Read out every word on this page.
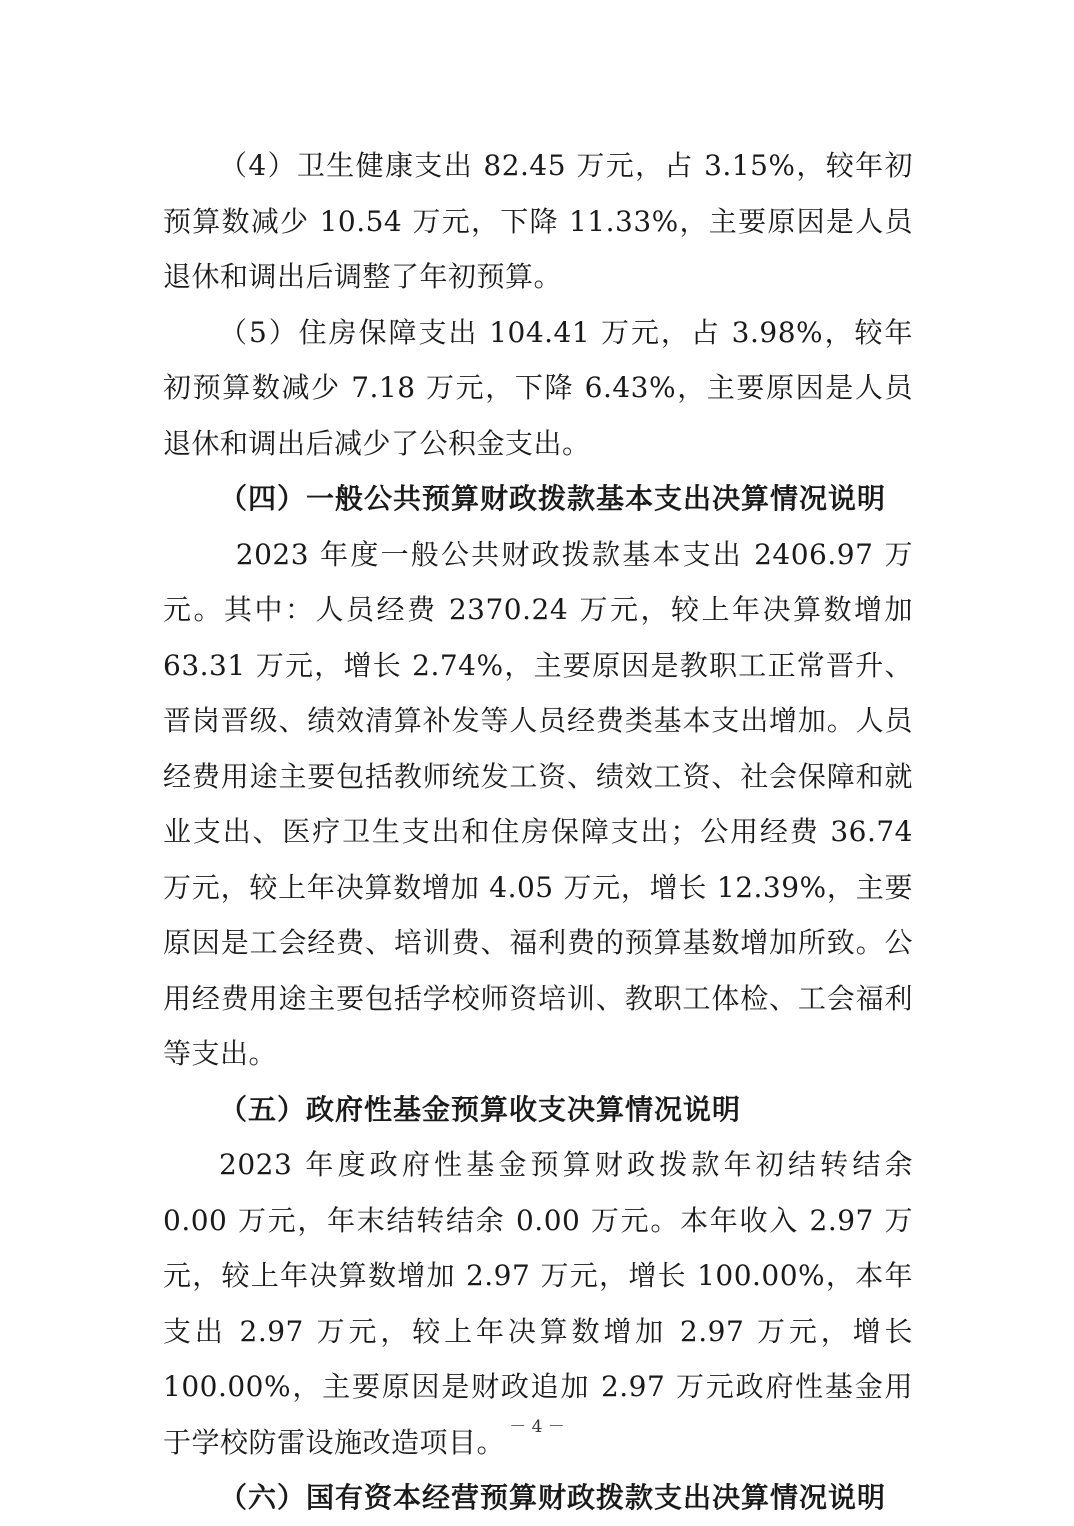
（4）卫生健康支出 82.45 万元，占 3.15%，较年初预算数减少 10.54 万元，下降 11.33%，主要原因是人员退休和调出后调整了年初预算。

（5）住房保障支出 104.41 万元，占 3.98%，较年初预算数减少 7.18 万元，下降 6.43%，主要原因是人员退休和调出后减少了公积金支出。

（四）一般公共预算财政拨款基本支出决算情况说明

2023 年度一般公共财政拨款基本支出 2406.97 万元。其中：人员经费 2370.24 万元，较上年决算数增加 63.31 万元，增长 2.74%，主要原因是教职工正常晋升、晋岗晋级、绩效清算补发等人员经费类基本支出增加。人员经费用途主要包括教师统发工资、绩效工资、社会保障和就业支出、医疗卫生支出和住房保障支出；公用经费 36.74 万元，较上年决算数增加 4.05 万元，增长 12.39%，主要原因是工会经费、培训费、福利费的预算基数增加所致。公用经费用途主要包括学校师资培训、教职工体检、工会福利等支出。

（五）政府性基金预算收支决算情况说明

2023 年度政府性基金预算财政拨款年初结转结余 0.00 万元，年末结转结余 0.00 万元。本年收入 2.97 万元，较上年决算数增加 2.97 万元，增长 100.00%，本年支出 2.97 万元，较上年决算数增加 2.97 万元，增长 100.00%，主要原因是财政追加 2.97 万元政府性基金用于学校防雷设施改造项目。

（六）国有资本经营预算财政拨款支出决算情况说明

－ 4 －
